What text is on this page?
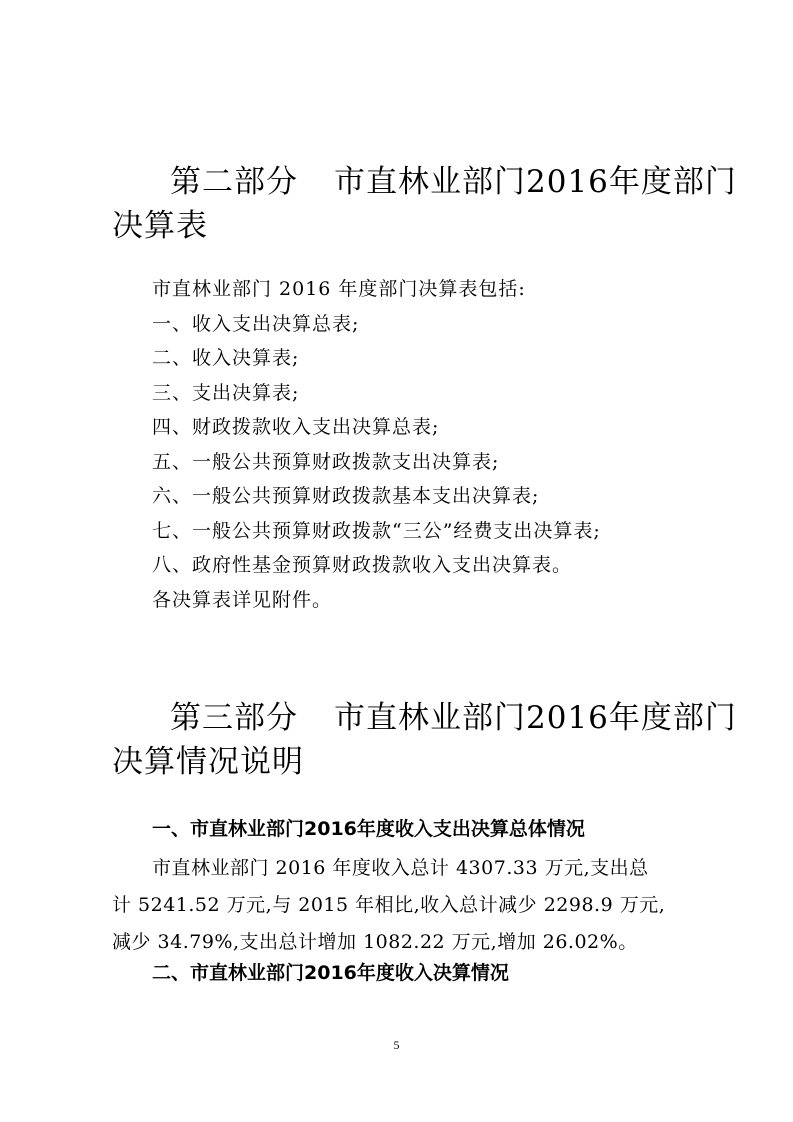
第二部分 市直林业部门2016年度部门
决算表
市直林业部门 2016 年度部门决算表包括:
一、收入支出决算总表;
二、收入决算表;
三、支出决算表;
四、财政拨款收入支出决算总表;
五、一般公共预算财政拨款支出决算表;
六、一般公共预算财政拨款基本支出决算表;
七、一般公共预算财政拨款“三公”经费支出决算表;
八、政府性基金预算财政拨款收入支出决算表。
各决算表详见附件。
第三部分 市直林业部门2016年度部门
决算情况说明
一、市直林业部门2016年度收入支出决算总体情况

市直林业部门 2016 年度收入总计 4307.33 万元,支出总
计 5241.52 万元,与 2015 年相比,收入总计减少 2298.9 万元,
减少 34.79%,支出总计增加 1082.22 万元,增加 26.02%。

二、市直林业部门2016年度收入决算情况
5
